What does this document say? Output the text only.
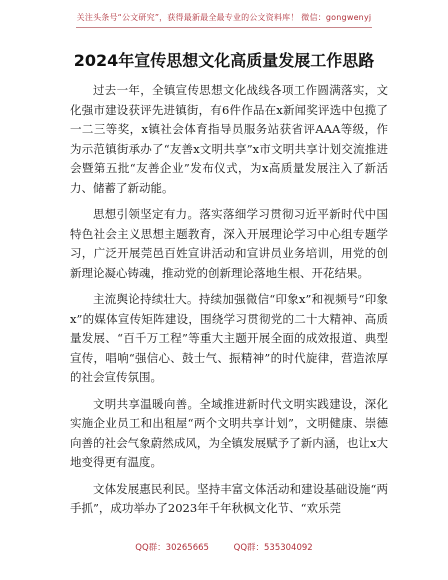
关注头条号“公文研究”，获得最新最全最专业的公文资料库！ 微信：gongwenyj
2024年宣传思想文化高质量发展工作思路

过去一年，全镇宣传思想文化战线各项工作圆满落实，文化强市建设获评先进镇街，有6件作品在x新闻奖评选中包揽了一二三等奖，x镇社会体育指导员服务站获省评AAA等级，作为示范镇街承办了“友善x文明共享”x市文明共享计划交流推进会暨第五批“友善企业”发布仪式，为x高质量发展注入了新活力、储蓄了新动能。

思想引领坚定有力。落实落细学习贯彻习近平新时代中国特色社会主义思想主题教育，深入开展理论学习中心组专题学习，广泛开展莞邑百姓宣讲活动和宣讲员业务培训，用党的创新理论凝心铸魂，推动党的创新理论落地生根、开花结果。

主流舆论持续壮大。持续加强微信“印象x”和视频号“印象x”的媒体宣传矩阵建设，围绕学习贯彻党的二十大精神、高质量发展、“百千万工程”等重大主题开展全面的成效报道、典型宣传，唱响“强信心、鼓士气、振精神”的时代旋律，营造浓厚的社会宣传氛围。

文明共享温暖向善。全域推进新时代文明实践建设，深化实施企业员工和出租屋“两个文明共享计划”，文明健康、崇德向善的社会气象蔚然成风，为全镇发展赋予了新内涵，也让x大地变得更有温度。

文体发展惠民利民。坚持丰富文体活动和建设基础设施“两手抓”，成功举办了2023年千年秋枫文化节、“欢乐莞

QQ群：30265665	QQ群：535304092
